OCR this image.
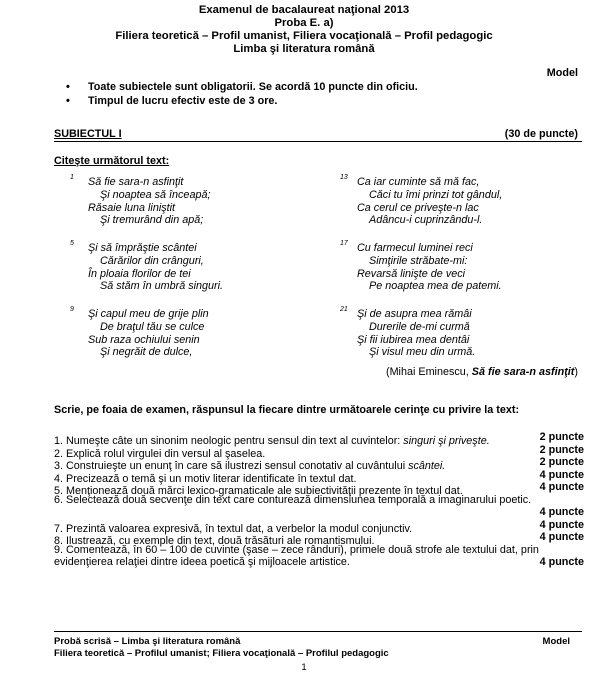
Examenul de bacalaureat naţional 2013
Proba E. a)
Filiera teoretică – Profil umanist, Filiera vocaţională – Profil pedagogic
Limba şi literatura română
Model
• Toate subiectele sunt obligatorii. Se acordă 10 puncte din oficiu.
• Timpul de lucru efectiv este de 3 ore.
SUBIECTUL I	(30 de puncte)
Citeşte următorul text:
1 Să fie sara-n asfinţit
Şi noaptea să înceapă;
Răsaie luna liniştit
Şi tremurând din apă;
5 Şi să împrăştie scântei
Cărărilor din crânguri,
În ploaia florilor de tei
Să stăm în umbră singuri.
9 Şi capul meu de grije plin
De braţul tău se culce
Sub raza ochiului senin
Şi negrăit de dulce,
13 Ca iar cuminte să mă fac,
Căci tu îmi prinzi tot gândul,
Ca cerul ce priveşte-n lac
Adâncu-i cuprinzându-l.
17 Cu farmecul luminei reci
Simţirile străbate-mi:
Revarsă linişte de veci
Pe noaptea mea de patemi.
21 Şi de asupra mea rămâi
Durerile de-mi curmă
Şi fii iubirea mea dentâi
Şi visul meu din urmă.
(Mihai Eminescu, Să fie sara-n asfinţit)
Scrie, pe foaia de examen, răspunsul la fiecare dintre următoarele cerinţe cu privire la text:
1. Numeşte câte un sinonim neologic pentru sensul din text al cuvintelor: singuri şi priveşte.	2 puncte
2. Explică rolul virgulei din versul al şaselea.	2 puncte
3. Construieşte un enunţ în care să ilustrezi sensul conotativ al cuvântului scântei.	2 puncte
4. Precizează o temă şi un motiv literar identificate în textul dat.	4 puncte
5. Menţionează două mărci lexico-gramaticale ale subiectivităţii prezente în textul dat.	4 puncte
6. Selectează două secvenţe din text care conturează dimensiunea temporală a imaginarului poetic.
4 puncte
7. Prezintă valoarea expresivă, în textul dat, a verbelor la modul conjunctiv.	4 puncte
8. Ilustrează, cu exemple din text, două trăsături ale romantismului.	4 puncte
9. Comentează, în 60 – 100 de cuvinte (şase – zece rânduri), primele două strofe ale textului dat, prin
evidenţierea relaţiei dintre ideea poetică şi mijloacele artistice.	4 puncte
Probă scrisă – Limba şi literatura română	Model
Filiera teoretică – Profilul umanist; Filiera vocaţională – Profilul pedagogic
1
